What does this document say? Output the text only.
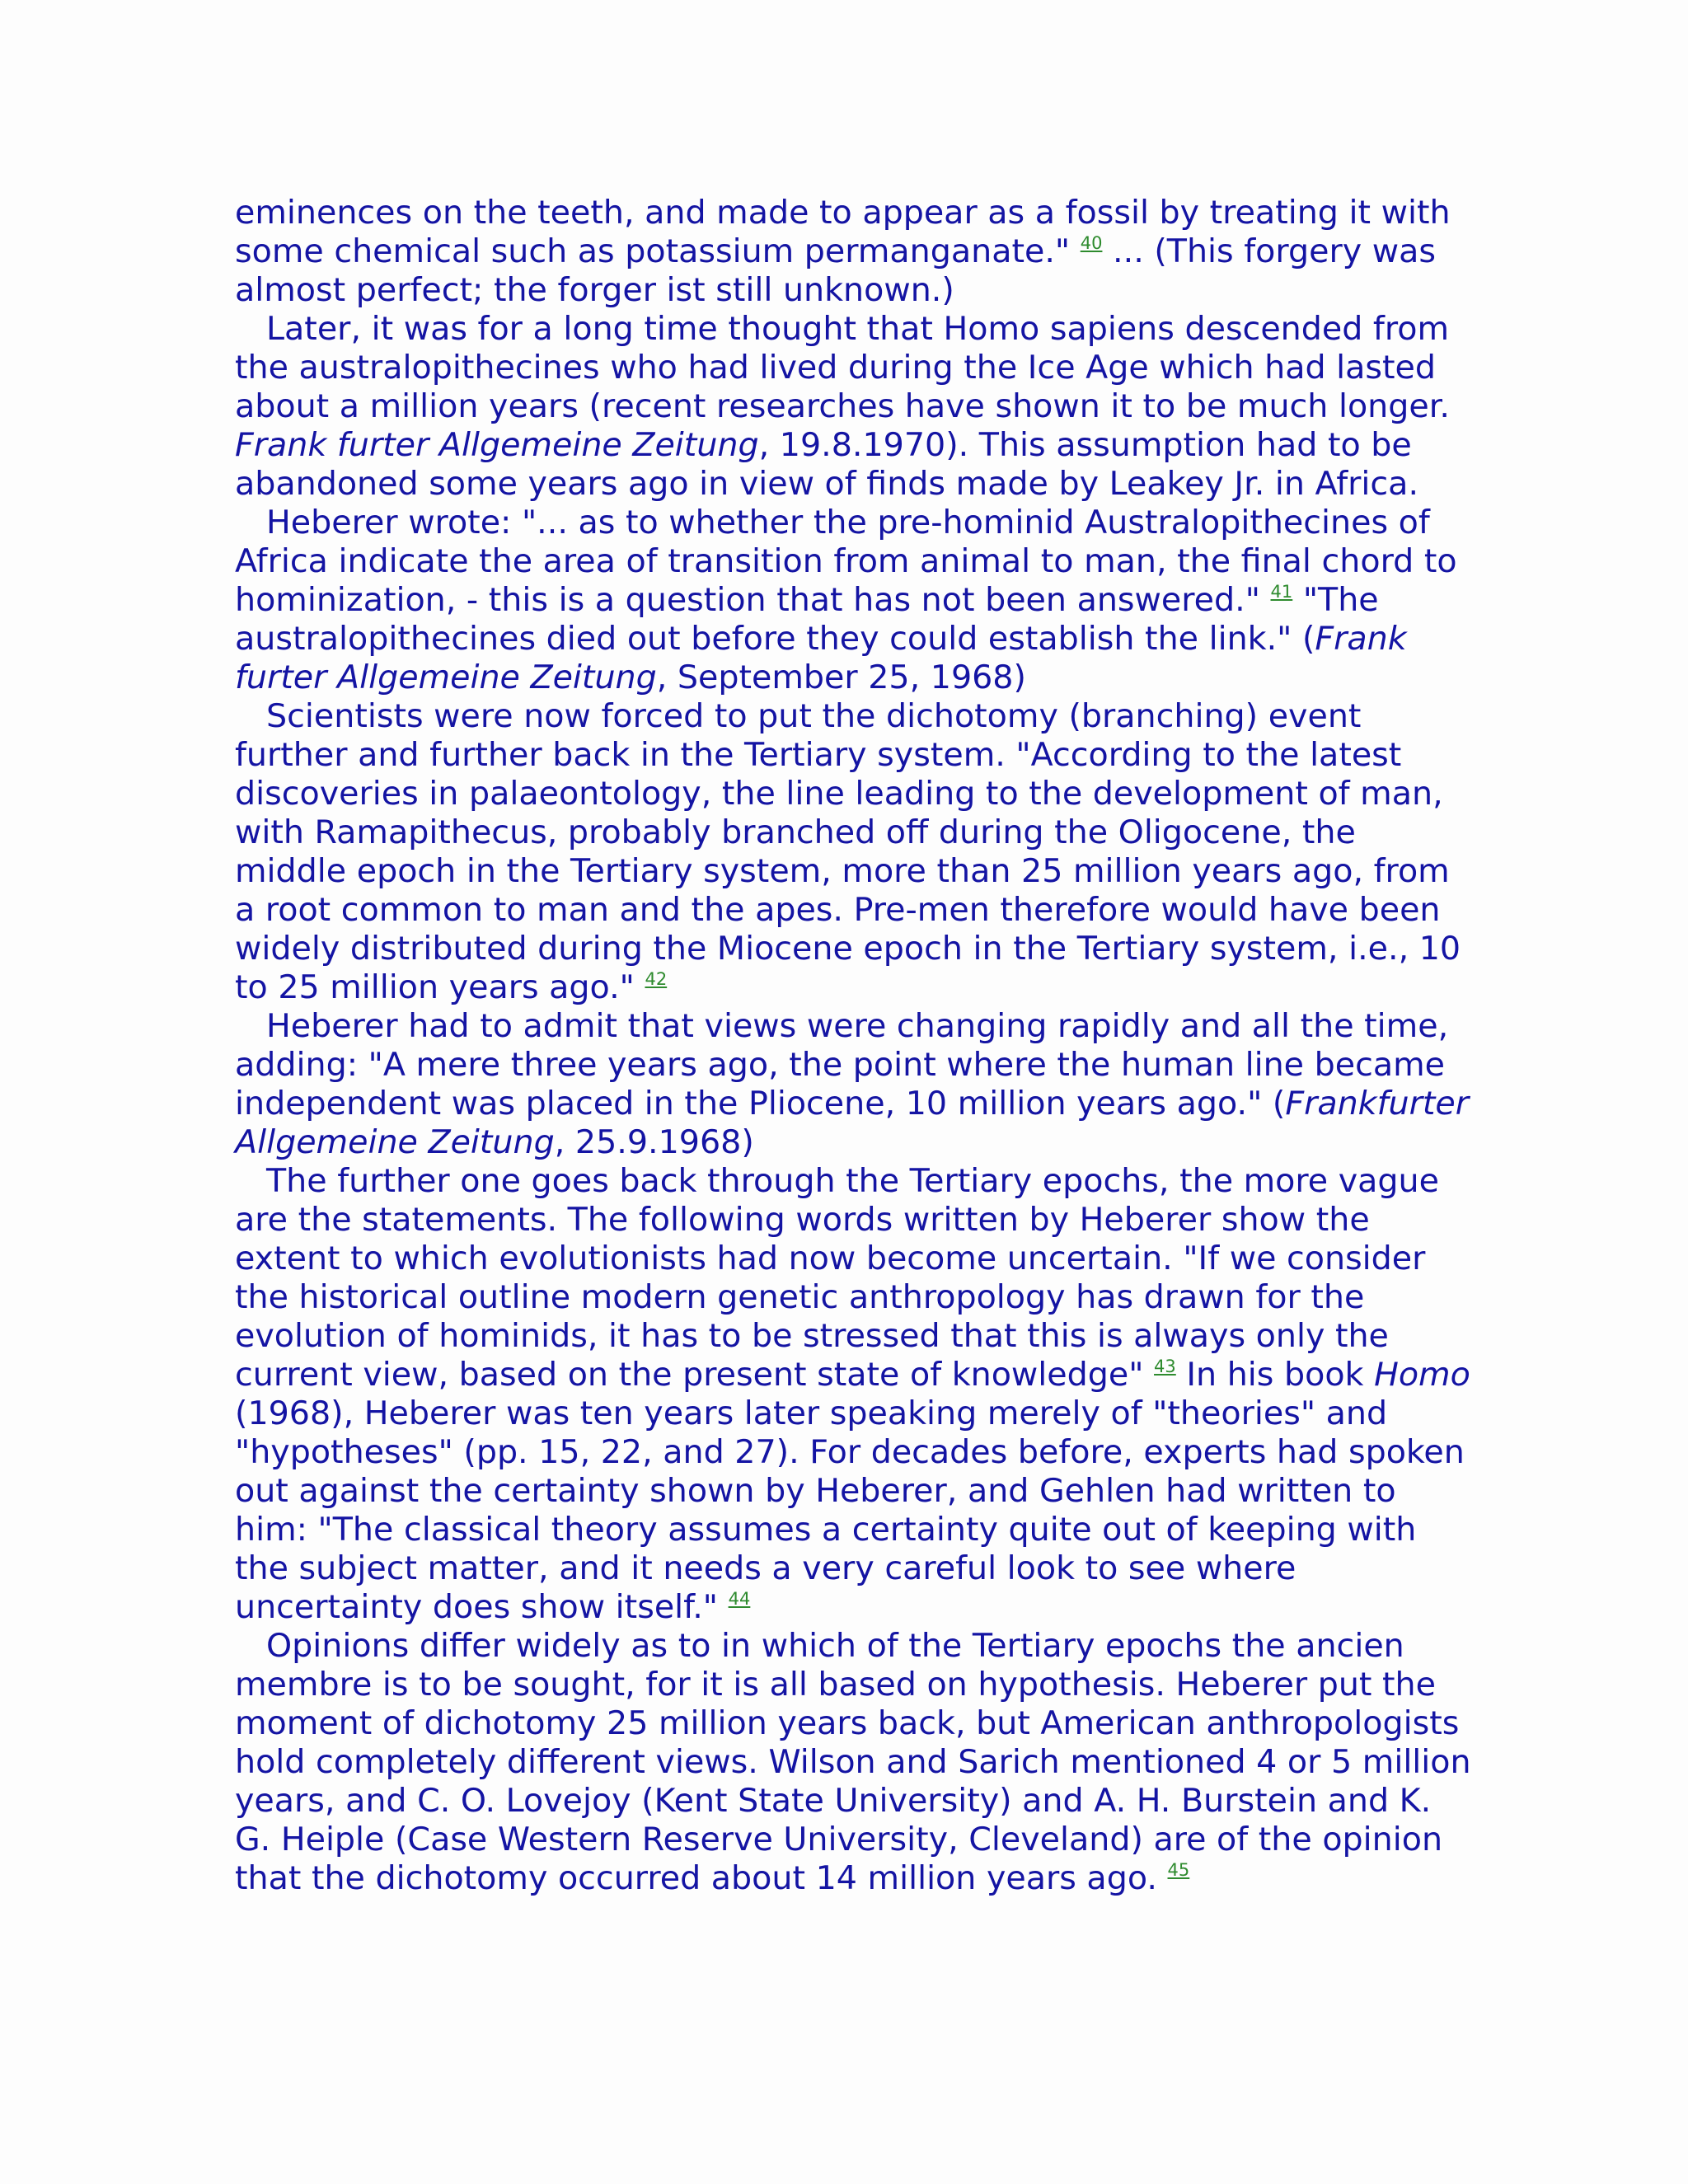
eminences on the teeth, and made to appear as a fossil by treating it with some chemical such as potassium permanganate." $^{40}$ ... (This forgery was almost perfect; the forger ist still unknown.)

Later, it was for a long time thought that Homo sapiens descended from the australopithecines who had lived during the Ice Age which had lasted about a million years (recent researches have shown it to be much longer. Frank furter Allgemeine Zeitung, 19.8.1970). This assumption had to be abandoned some years ago in view of finds made by Leakey Jr. in Africa.

Heberer wrote: "... as to whether the pre-hominid Australopithecines of Africa indicate the area of transition from animal to man, the final chord to hominization, - this is a question that has not been answered." $^{41}$ "The australopithecines died out before they could establish the link." (Frank furter Allgemeine Zeitung, September 25, 1968)

Scientists were now forced to put the dichotomy (branching) event further and further back in the Tertiary system. "According to the latest discoveries in palaeontology, the line leading to the development of man, with Ramapithecus, probably branched off during the Oligocene, the middle epoch in the Tertiary system, more than 25 million years ago, from a root common to man and the apes. Pre-men therefore would have been widely distributed during the Miocene epoch in the Tertiary system, i.e., 10 to 25 million years ago." $^{42}$

Heberer had to admit that views were changing rapidly and all the time, adding: "A mere three years ago, the point where the human line became independent was placed in the Pliocene, 10 million years ago." (Frankfurter Allgemeine Zeitung, 25.9.1968)

The further one goes back through the Tertiary epochs, the more vague are the statements. The following words written by Heberer show the extent to which evolutionists had now become uncertain. "If we consider the historical outline modern genetic anthropology has drawn for the evolution of hominids, it has to be stressed that this is always only the current view, based on the present state of knowledge" $^{43}$ In his book Homo (1968), Heberer was ten years later speaking merely of "theories" and "hypotheses" (pp. 15, 22, and 27). For decades before, experts had spoken out against the certainty shown by Heberer, and Gehlen had written to him: "The classical theory assumes a certainty quite out of keeping with the subject matter, and it needs a very careful look to see where uncertainty does show itself." $^{44}$

Opinions differ widely as to in which of the Tertiary epochs the ancien membre is to be sought, for it is all based on hypothesis. Heberer put the moment of dichotomy 25 million years back, but American anthropologists hold completely different views. Wilson and Sarich mentioned 4 or 5 million years, and C. O. Lovejoy (Kent State University) and A. H. Burstein and K. G. Heiple (Case Western Reserve University, Cleveland) are of the opinion that the dichotomy occurred about 14 million years ago. $^{45}$
